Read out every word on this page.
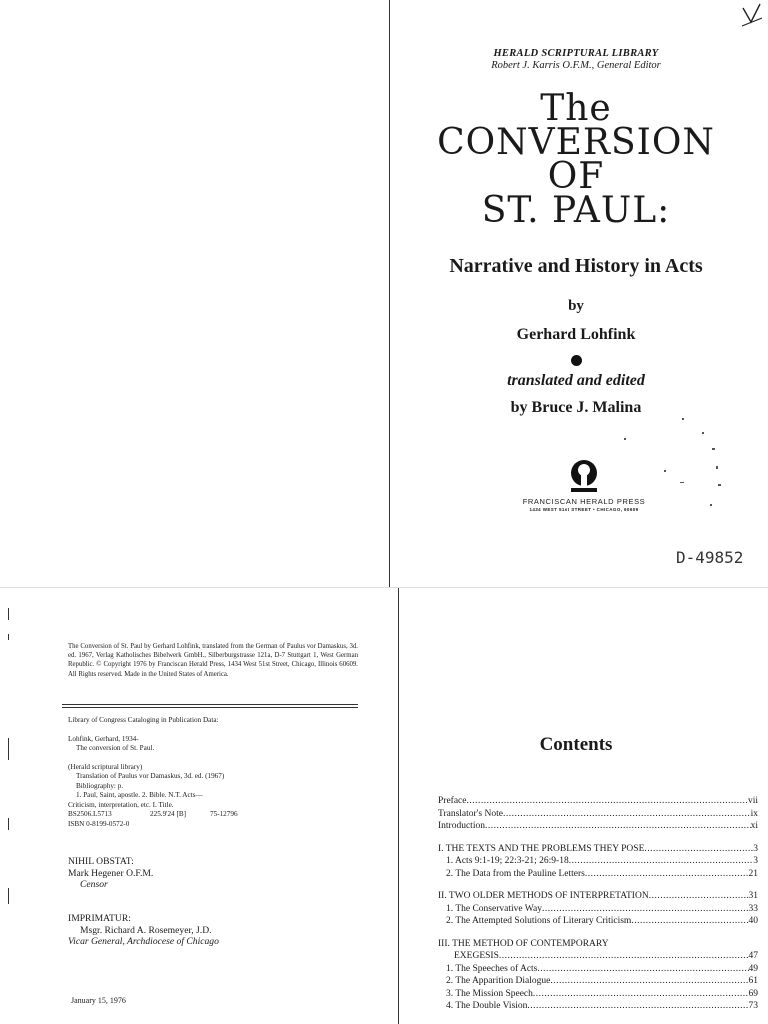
HERALD SCRIPTURAL LIBRARY
Robert J. Karris O.F.M., General Editor
The
CONVERSION
OF
ST. PAUL:
Narrative and History in Acts
by
Gerhard Lohfink
translated and edited
by Bruce J. Malina
FRANCISCAN HERALD PRESS
1434 WEST 51st STREET • CHICAGO, 60609
D-49852
The Conversion of St. Paul by Gerhard Lohfink, translated from the German of Paulus vor Damaskus, 3d. ed. 1967, Verlag Katholisches Bibelwerk GmbH., Silberburgstrasse 121a, D-7 Stuttgart 1, West German Republic. © Copyright 1976 by Franciscan Herald Press, 1434 West 51st Street, Chicago, Illinois 60609. All Rights reserved. Made in the United States of America.
Library of Congress Cataloging in Publication Data:
Lohfink, Gerhard, 1934-
The conversion of St. Paul.
(Herald scriptural library)
Translation of Paulus vor Damaskus, 3d. ed. (1967)
Bibliography: p.
1. Paul, Saint, apostle. 2. Bible. N.T. Acts—
Criticism, interpretation, etc. I. Title.
BS2506.L5713	225.9'24 [B]	75-12796
ISBN 0-8199-0572-0
NIHIL OBSTAT:
Mark Hegener O.F.M.
Censor
IMPRIMATUR:
Msgr. Richard A. Rosemeyer, J.D.
Vicar General, Archdiocese of Chicago
January 15, 1976
Contents
Preface .....	vii
Translator's Note .....	ix
Introduction .....	xi
I. THE TEXTS AND THE PROBLEMS THEY POSE .....	3
1. Acts 9:1-19; 22:3-21; 26:9-18 .....	3
2. The Data from the Pauline Letters .....	21
II. TWO OLDER METHODS OF INTERPRETATION .....	31
1. The Conservative Way .....	33
2. The Attempted Solutions of Literary Criticism .....	40
III. THE METHOD OF CONTEMPORARY
EXEGESIS .....	47
1. The Speeches of Acts .....	49
2. The Apparition Dialogue .....	61
3. The Mission Speech .....	69
4. The Double Vision .....	73
